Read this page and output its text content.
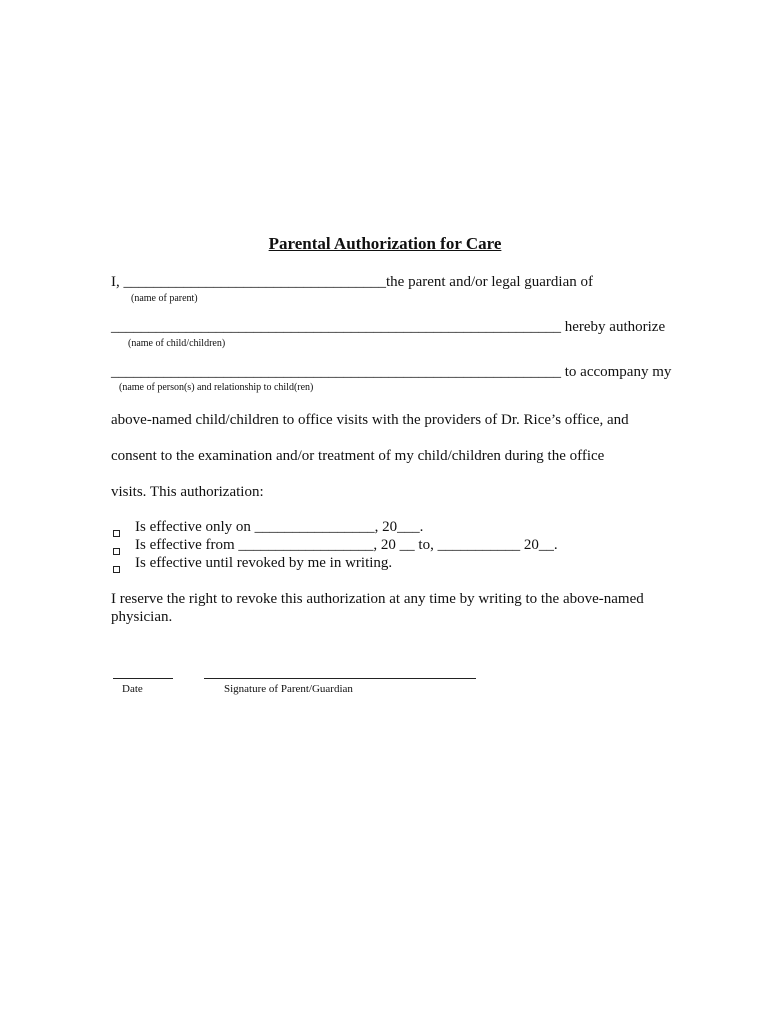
Parental Authorization for Care
I, ___________________________________the parent and/or legal guardian of
(name of parent)
____________________________________________________________ hereby authorize
(name of child/children)
____________________________________________________________ to accompany my
(name of person(s) and relationship to child(ren)
above-named child/children to office visits with the providers of Dr. Rice’s office, and
consent to the examination and/or treatment of my child/children during the office
visits. This authorization:
Is effective only on ________________, 20___.
Is effective from __________________, 20 __ to, ___________ 20__.
Is effective until revoked by me in writing.
I reserve the right to revoke this authorization at any time by writing to the above-named
physician.
Date	Signature of Parent/Guardian
